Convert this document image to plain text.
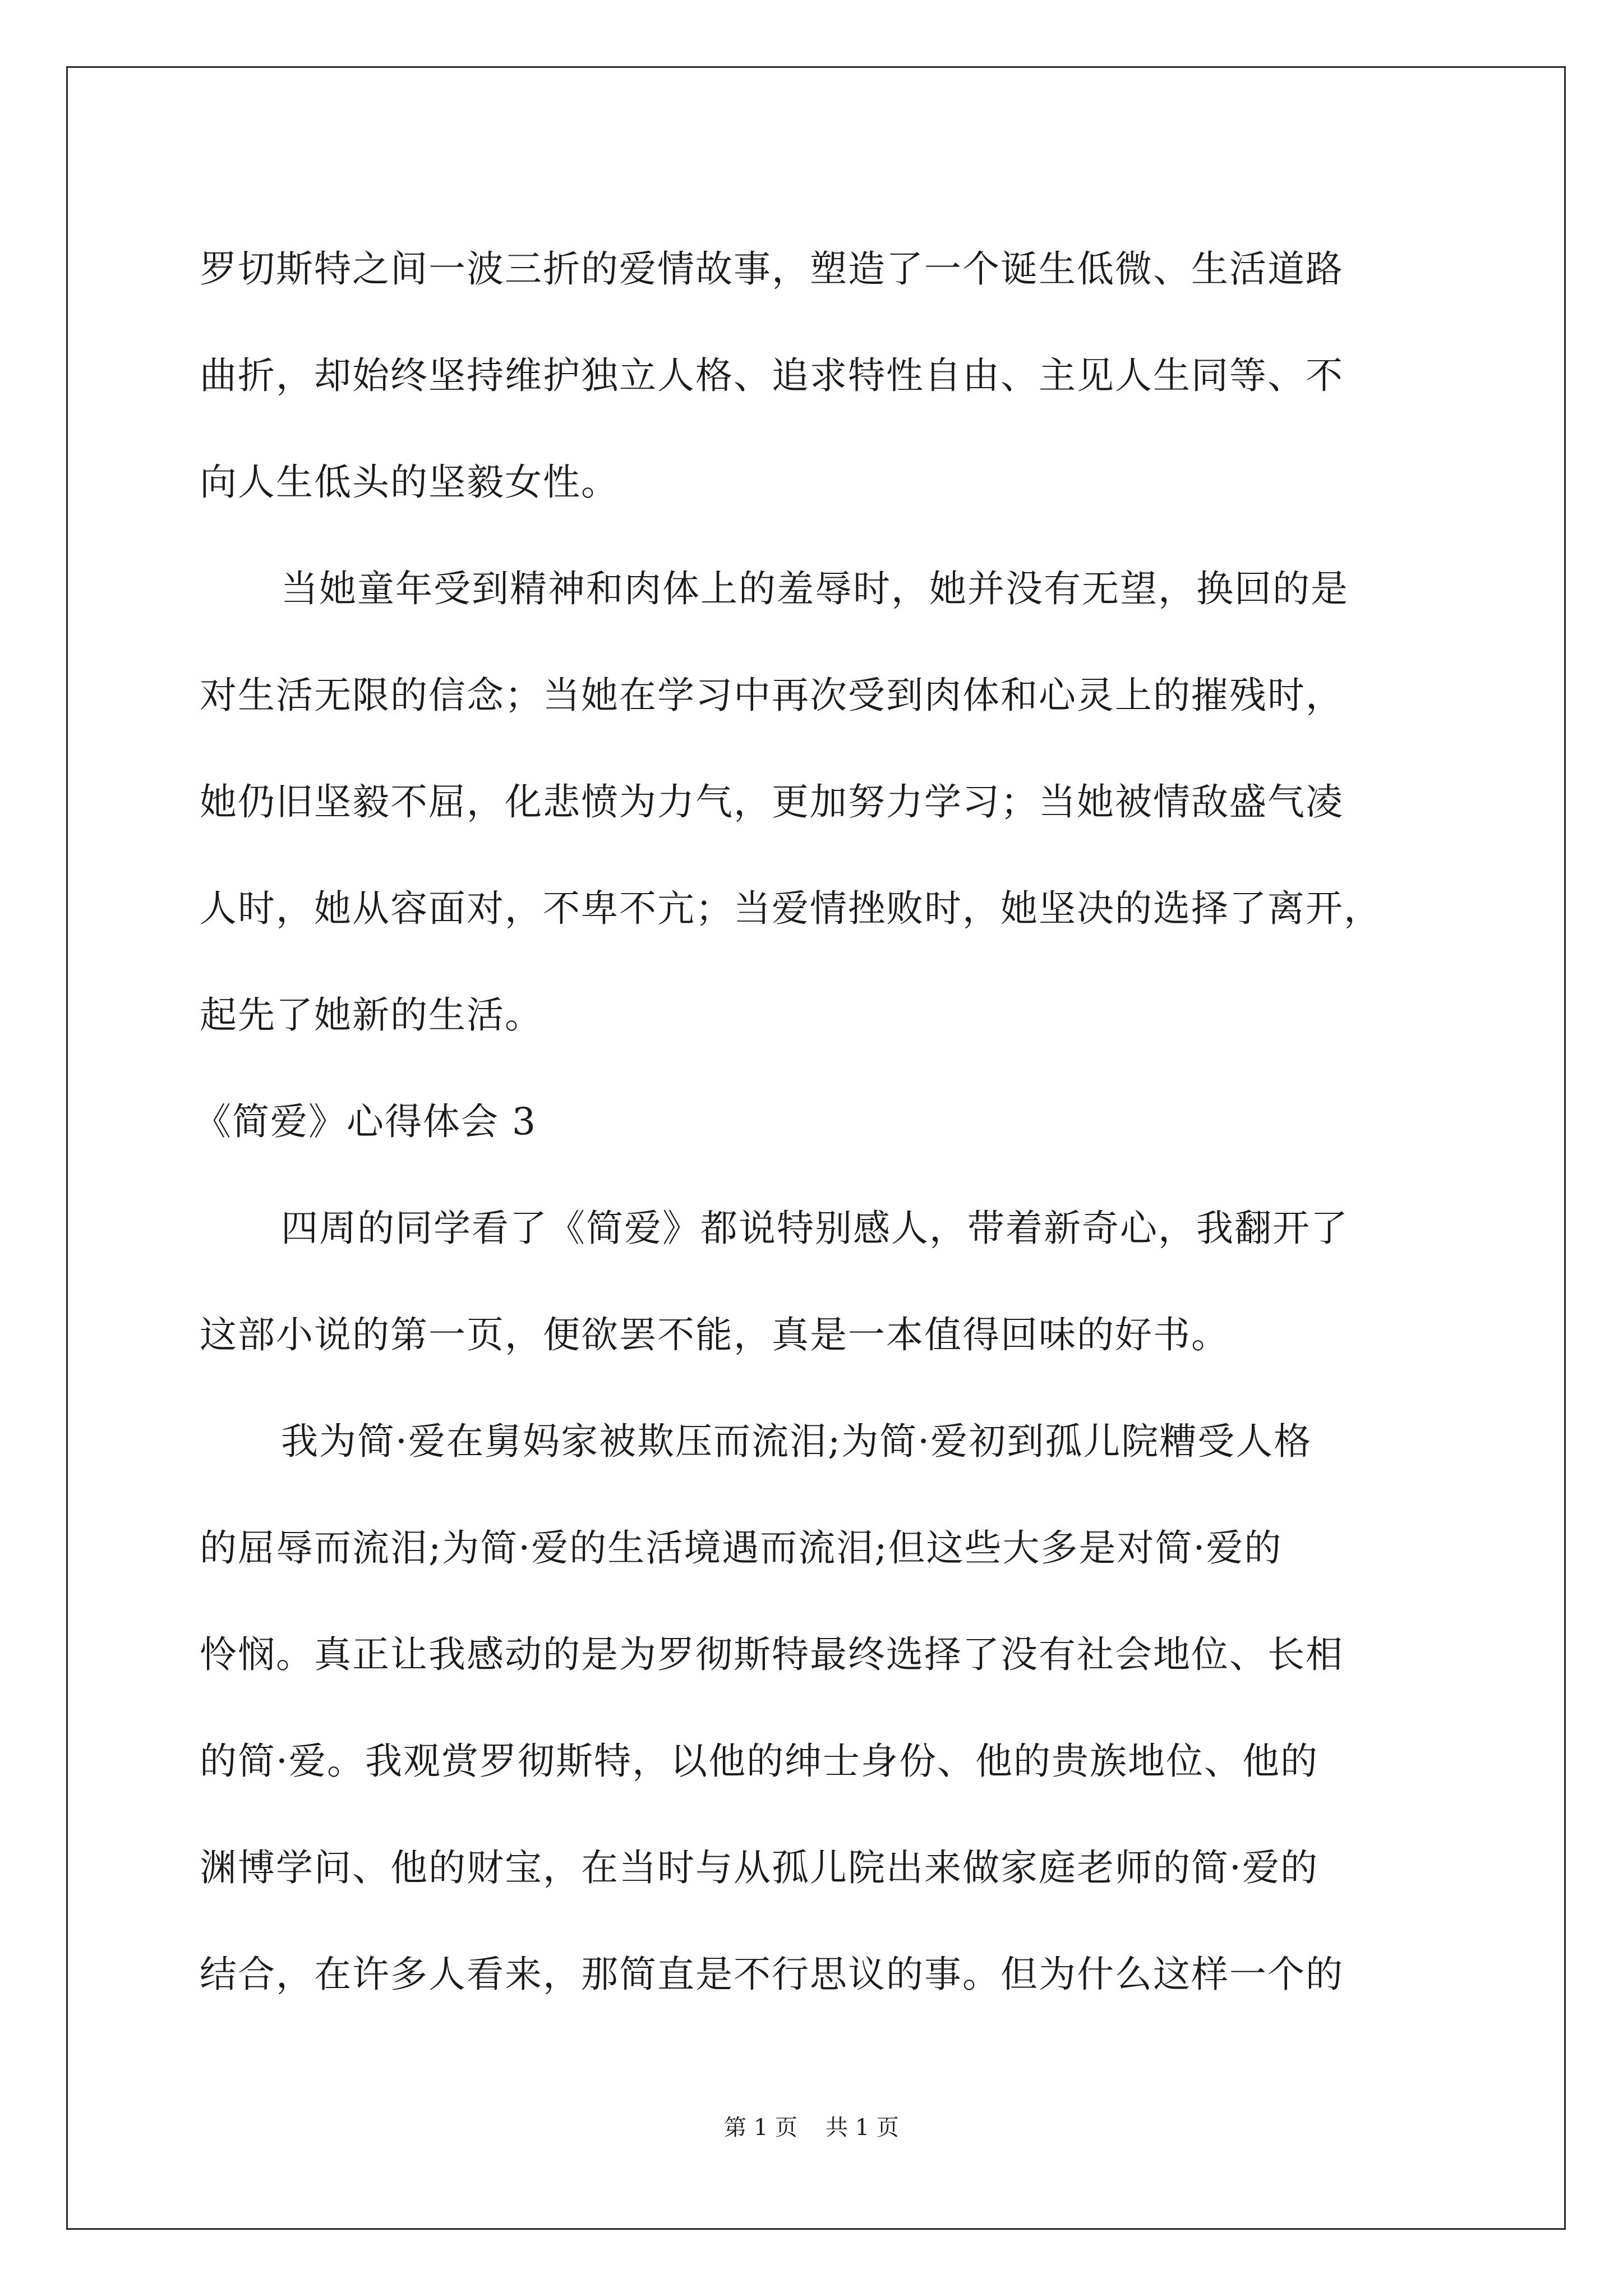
罗切斯特之间一波三折的爱情故事，塑造了一个诞生低微、生活道路
曲折，却始终坚持维护独立人格、追求特性自由、主见人生同等、不
向人生低头的坚毅女性。
当她童年受到精神和肉体上的羞辱时，她并没有无望，换回的是
对生活无限的信念；当她在学习中再次受到肉体和心灵上的摧残时，
她仍旧坚毅不屈，化悲愤为力气，更加努力学习；当她被情敌盛气凌
人时，她从容面对，不卑不亢；当爱情挫败时，她坚决的选择了离开，
起先了她新的生活。
《简爱》心得体会 3
四周的同学看了《简爱》都说特别感人，带着新奇心，我翻开了
这部小说的第一页，便欲罢不能，真是一本值得回味的好书。
我为简·爱在舅妈家被欺压而流泪;为简·爱初到孤儿院糟受人格
的屈辱而流泪;为简·爱的生活境遇而流泪;但这些大多是对简·爱的
怜悯。真正让我感动的是为罗彻斯特最终选择了没有社会地位、长相
的简·爱。我观赏罗彻斯特，以他的绅士身份、他的贵族地位、他的
渊博学问、他的财宝，在当时与从孤儿院出来做家庭老师的简·爱的
结合，在许多人看来，那简直是不行思议的事。但为什么这样一个的
第 1 页 共 1 页
